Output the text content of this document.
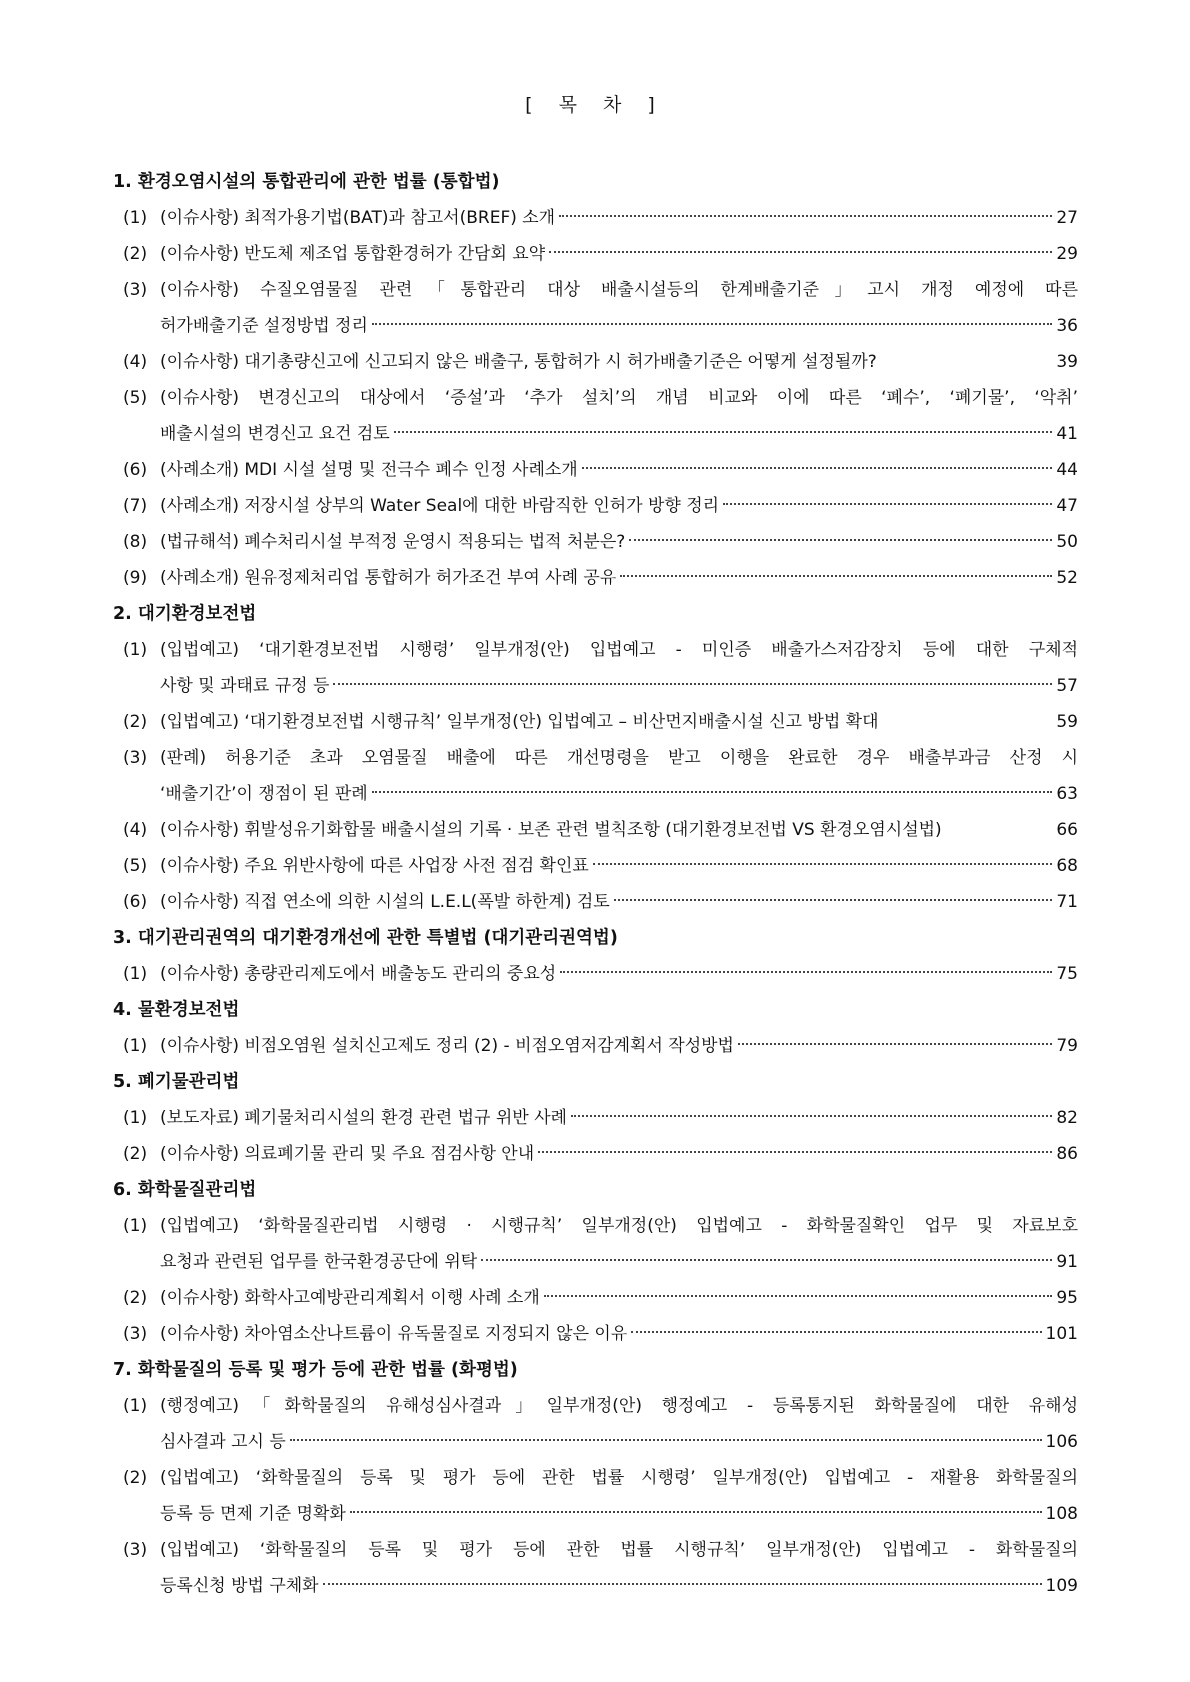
[ 목 차 ]
1. 환경오염시설의 통합관리에 관한 법률 (통합법)
(1) (이슈사항) 최적가용기법(BAT)과 참고서(BREF) 소개	27
(2) (이슈사항) 반도체 제조업 통합환경허가 간담회 요약	29
(3) (이슈사항) 수질오염물질 관련「통합관리 대상 배출시설등의 한계배출기준」고시 개정 예정에 따른
허가배출기준 설정방법 정리	36
(4) (이슈사항) 대기총량신고에 신고되지 않은 배출구, 통합허가 시 허가배출기준은 어떻게 설정될까?	39
(5) (이슈사항) 변경신고의 대상에서 ‘증설’과 ‘추가 설치’의 개념 비교와 이에 따른 ‘폐수’, ‘폐기물’, ‘악취’
배출시설의 변경신고 요건 검토	41
(6) (사례소개) MDI 시설 설명 및 전극수 폐수 인정 사례소개	44
(7) (사례소개) 저장시설 상부의 Water Seal에 대한 바람직한 인허가 방향 정리	47
(8) (법규해석) 폐수처리시설 부적정 운영시 적용되는 법적 처분은?	50
(9) (사례소개) 원유정제처리업 통합허가 허가조건 부여 사례 공유	52
2. 대기환경보전법
(1) (입법예고) ‘대기환경보전법 시행령’ 일부개정(안) 입법예고 - 미인증 배출가스저감장치 등에 대한 구체적
사항 및 과태료 규정 등	57
(2) (입법예고) ‘대기환경보전법 시행규칙’ 일부개정(안) 입법예고 – 비산먼지배출시설 신고 방법 확대	59
(3) (판례) 허용기준 초과 오염물질 배출에 따른 개선명령을 받고 이행을 완료한 경우 배출부과금 산정 시
‘배출기간’이 쟁점이 된 판례	63
(4) (이슈사항) 휘발성유기화합물 배출시설의 기록 · 보존 관련 벌칙조항 (대기환경보전법 VS 환경오염시설법)	66
(5) (이슈사항) 주요 위반사항에 따른 사업장 사전 점검 확인표	68
(6) (이슈사항) 직접 연소에 의한 시설의 L.E.L(폭발 하한계) 검토	71
3. 대기관리권역의 대기환경개선에 관한 특별법 (대기관리권역법)
(1) (이슈사항) 총량관리제도에서 배출농도 관리의 중요성	75
4. 물환경보전법
(1) (이슈사항) 비점오염원 설치신고제도 정리 (2) - 비점오염저감계획서 작성방법	79
5. 폐기물관리법
(1) (보도자료) 폐기물처리시설의 환경 관련 법규 위반 사례	82
(2) (이슈사항) 의료폐기물 관리 및 주요 점검사항 안내	86
6. 화학물질관리법
(1) (입법예고) ‘화학물질관리법 시행령 · 시행규칙’ 일부개정(안) 입법예고 - 화학물질확인 업무 및 자료보호
요청과 관련된 업무를 한국환경공단에 위탁	91
(2) (이슈사항) 화학사고예방관리계획서 이행 사례 소개	95
(3) (이슈사항) 차아염소산나트륨이 유독물질로 지정되지 않은 이유	101
7. 화학물질의 등록 및 평가 등에 관한 법률 (화평법)
(1) (행정예고)「화학물질의 유해성심사결과」일부개정(안) 행정예고 - 등록통지된 화학물질에 대한 유해성
심사결과 고시 등	106
(2) (입법예고) ‘화학물질의 등록 및 평가 등에 관한 법률 시행령’ 일부개정(안) 입법예고 - 재활용 화학물질의
등록 등 면제 기준 명확화	108
(3) (입법예고) ‘화학물질의 등록 및 평가 등에 관한 법률 시행규칙’ 일부개정(안) 입법예고 - 화학물질의
등록신청 방법 구체화	109
